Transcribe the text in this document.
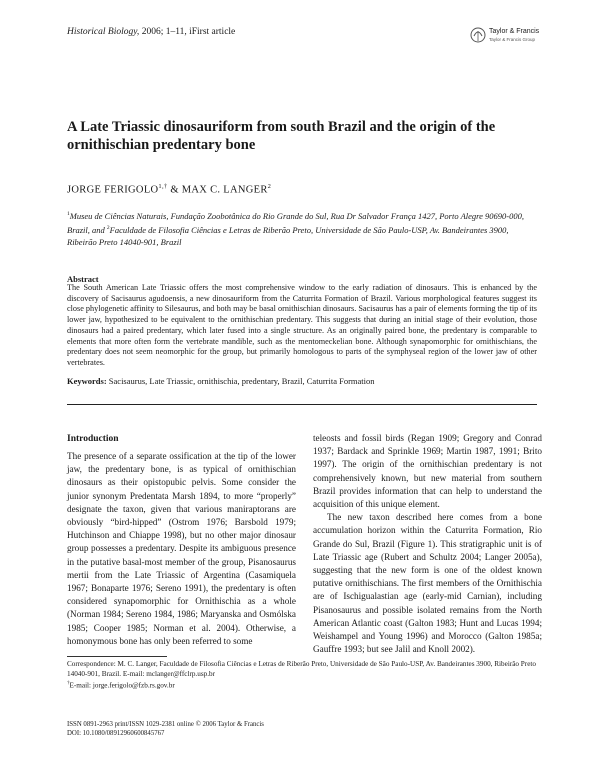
Historical Biology, 2006; 1–11, iFirst article	Taylor & Francis
Taylor & Francis Group
A Late Triassic dinosauriform from south Brazil and the origin of the ornithischian predentary bone
JORGE $FERIGOLO^{1,\dagger}$ & MAX C. LANGER$^2$
$^1$Museu de Ciências Naturais, Fundação Zoobotânica do Rio Grande do Sul, Rua Dr Salvador França 1427, Porto Alegre 90690-000, Brazil, and $^2$Faculdade de Filosofia Ciências e Letras de Riberão Preto, Universidade de São Paulo-USP, Av. Bandeirantes 3900, Ribeirão Preto 14040-901, Brazil
Abstract
The South American Late Triassic offers the most comprehensive window to the early radiation of dinosaurs. This is enhanced by the discovery of Sacisaurus agudoensis, a new dinosauriform from the Caturrita Formation of Brazil. Various morphological features suggest its close phylogenetic affinity to Silesaurus, and both may be basal ornithischian dinosaurs. Sacisaurus has a pair of elements forming the tip of its lower jaw, hypothesized to be equivalent to the ornithischian predentary. This suggests that during an initial stage of their evolution, those dinosaurs had a paired predentary, which later fused into a single structure. As an originally paired bone, the predentary is comparable to elements that more often form the vertebrate mandible, such as the mentomeckelian bone. Although synapomorphic for ornithischians, the predentary does not seem neomorphic for the group, but primarily homologous to parts of the symphyseal region of the lower jaw of other vertebrates.
Keywords: Sacisaurus, Late Triassic, ornithischia, predentary, Brazil, Caturrita Formation
Introduction

The presence of a separate ossification at the tip of the lower jaw, the predentary bone, is as typical of ornithischian dinosaurs as their opistopubic pelvis. Some consider the junior synonym Predentata Marsh 1894, to more “properly” designate the taxon, given that various maniraptorans are obviously “bird-hipped” (Ostrom 1976; Barsbold 1979; Hutchinson and Chiappe 1998), but no other major dinosaur group possesses a predentary. Despite its ambiguous presence in the putative basal-most member of the group, Pisanosaurus mertii from the Late Triassic of Argentina (Casamiquela 1967; Bonaparte 1976; Sereno 1991), the predentary is often considered synapomorphic for Ornithischia as a whole (Norman 1984; Sereno 1984, 1986; Maryanska and Osmólska 1985; Cooper 1985; Norman et al. 2004). Otherwise, a homonymous bone has only been referred to some

teleosts and fossil birds (Regan 1909; Gregory and Conrad 1937; Bardack and Sprinkle 1969; Martin 1987, 1991; Brito 1997). The origin of the ornithischian predentary is not comprehensively known, but new material from southern Brazil provides information that can help to understand the acquisition of this unique element.

The new taxon described here comes from a bone accumulation horizon within the Caturrita Formation, Rio Grande do Sul, Brazil (Figure 1). This stratigraphic unit is of Late Triassic age (Rubert and Schultz 2004; Langer 2005a), suggesting that the new form is one of the oldest known putative ornithischians. The first members of the Ornithischia are of Ischigualastian age (early-mid Carnian), including Pisanosaurus and possible isolated remains from the North American Atlantic coast (Galton 1983; Hunt and Lucas 1994; Weishampel and Young 1996) and Morocco (Galton 1985a; Gauffre 1993; but see Jalil and Knoll 2002).

Correspondence: M. C. Langer, Faculdade de Filosofia Ciências e Letras de Riberão Preto, Universidade de São Paulo-USP, Av. Bandeirantes 3900, Ribeirão Preto 14040-901, Brazil. E-mail: mclanger@ffclrp.usp.br
†E-mail: jorge.ferigolo@fzb.rs.gov.br
ISSN 0891-2963 print/ISSN 1029-2381 online © 2006 Taylor & Francis
DOI: 10.1080/08912960600845767
